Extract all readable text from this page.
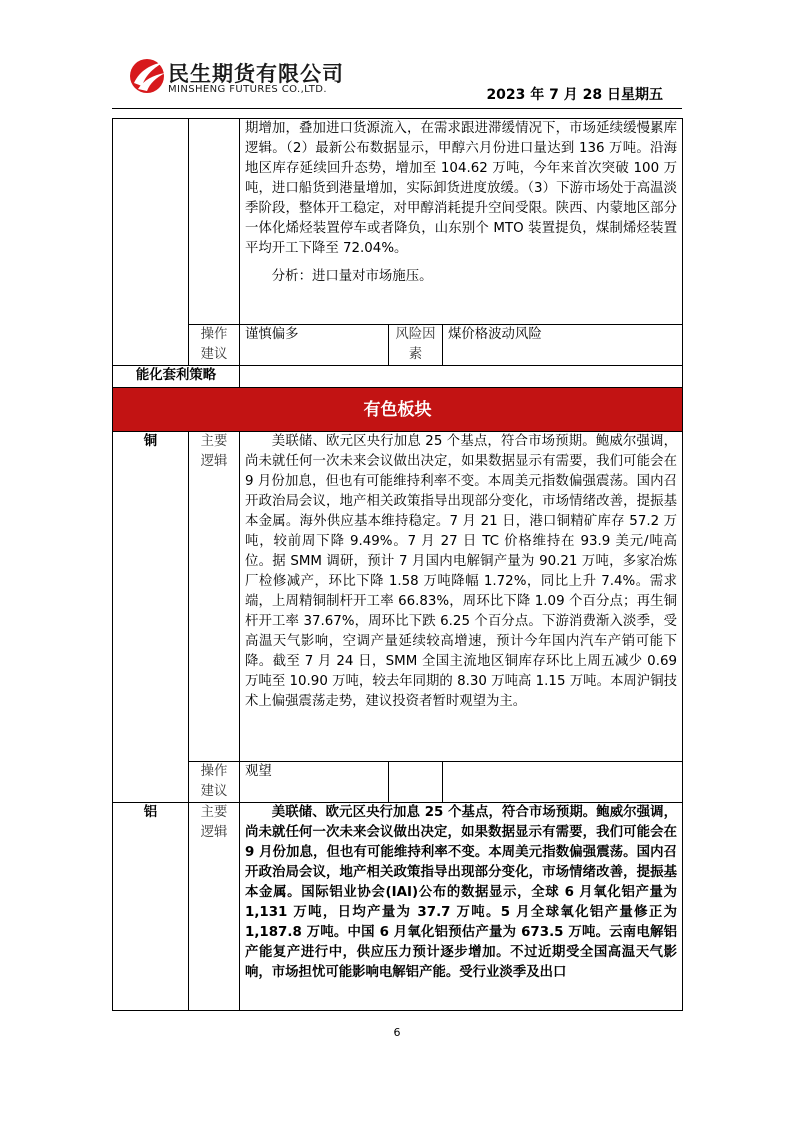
民生期货有限公司
MINSHENG FUTURES CO.,LTD.	2023 年 7 月 28 日星期五

		期增加，叠加进口货源流入，在需求跟进滞缓情况下，市场延续缓慢累库逻辑。（2）最新公布数据显示，甲醇六月份进口量达到 136 万吨。沿海地区库存延续回升态势，增加至 104.62 万吨，今年来首次突破 100 万吨，进口船货到港量增加，实际卸货进度放缓。（3）下游市场处于高温淡季阶段，整体开工稳定，对甲醇消耗提升空间受限。陕西、内蒙地区部分一体化烯烃装置停车或者降负，山东别个 MTO 装置提负，煤制烯烃装置平均开工下降至 72.04%。

分析：进口量对市场施压。		

	操作建议	谨慎偏多	风险因素	煤价格波动风险
能化套利策略				
有色板块				
铜	主要逻辑	美联储、欧元区央行加息 25 个基点，符合市场预期。鲍威尔强调，尚未就任何一次未来会议做出决定，如果数据显示有需要，我们可能会在 9 月份加息，但也有可能维持利率不变。本周美元指数偏强震荡。国内召开政治局会议，地产相关政策指导出现部分变化，市场情绪改善，提振基本金属。海外供应基本维持稳定。7 月 21 日，港口铜精矿库存 57.2 万吨，较前周下降 9.49%。7 月 27 日 TC 价格维持在 93.9 美元/吨高位。据 SMM 调研，预计 7 月国内电解铜产量为 90.21 万吨，多家冶炼厂检修减产，环比下降 1.58 万吨降幅 1.72%，同比上升 7.4%。需求端，上周精铜制杆开工率 66.83%，周环比下降 1.09 个百分点；再生铜杆开工率 37.67%，周环比下跌 6.25 个百分点。下游消费渐入淡季，受高温天气影响，空调产量延续较高增速，预计今年国内汽车产销可能下降。截至 7 月 24 日，SMM 全国主流地区铜库存环比上周五减少 0.69 万吨至 10.90 万吨，较去年同期的 8.30 万吨高 1.15 万吨。本周沪铜技术上偏强震荡走势，建议投资者暂时观望为主。		

	操作建议	观望		
铝	主要逻辑	美联储、欧元区央行加息 25 个基点，符合市场预期。鲍威尔强调，尚未就任何一次未来会议做出决定，如果数据显示有需要，我们可能会在 9 月份加息，但也有可能维持利率不变。本周美元指数偏强震荡。国内召开政治局会议，地产相关政策指导出现部分变化，市场情绪改善，提振基本金属。国际铝业协会(IAI)公布的数据显示，全球 6 月氧化铝产量为 1,131 万吨，日均产量为 37.7 万吨。5 月全球氧化铝产量修正为 1,187.8 万吨。中国 6 月氧化铝预估产量为 673.5 万吨。云南电解铝产能复产进行中，供应压力预计逐步增加。不过近期受全国高温天气影响，市场担忧可能影响电解铝产能。受行业淡季及出口		

6
